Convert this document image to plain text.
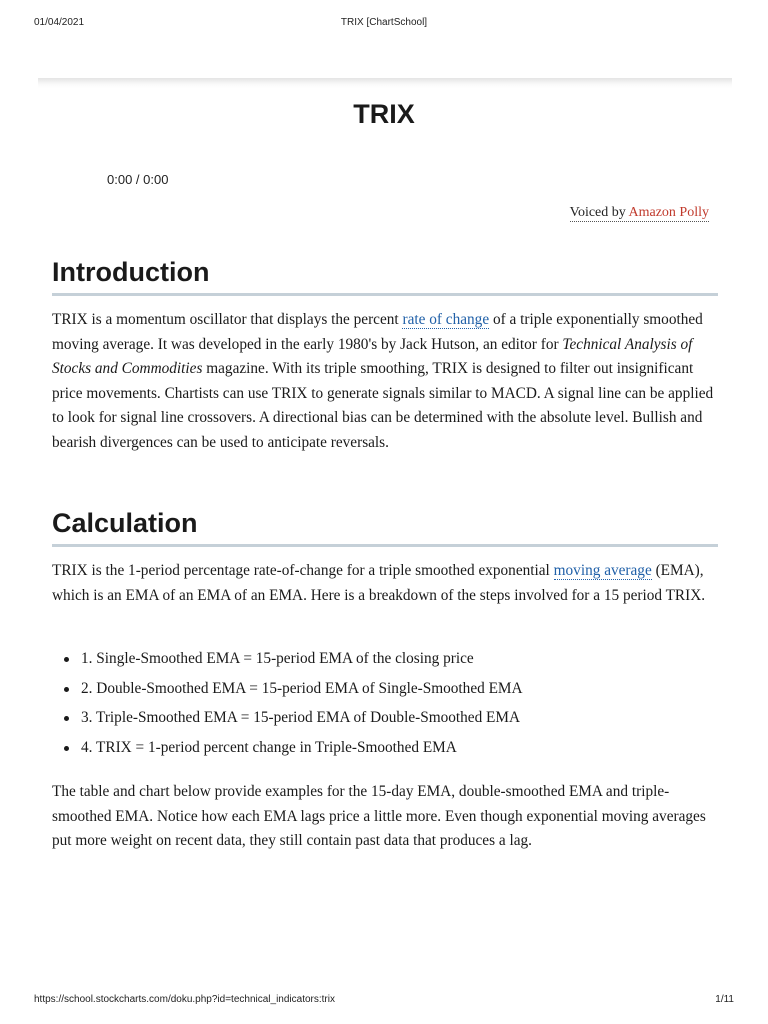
01/04/2021	TRIX [ChartSchool]
TRIX
0:00 / 0:00
Voiced by Amazon Polly
Introduction

TRIX is a momentum oscillator that displays the percent rate of change of a triple exponentially smoothed moving average. It was developed in the early 1980's by Jack Hutson, an editor for Technical Analysis of Stocks and Commodities magazine. With its triple smoothing, TRIX is designed to filter out insignificant price movements. Chartists can use TRIX to generate signals similar to MACD. A signal line can be applied to look for signal line crossovers. A directional bias can be determined with the absolute level. Bullish and bearish divergences can be used to anticipate reversals.

Calculation

TRIX is the 1-period percentage rate-of-change for a triple smoothed exponential moving average (EMA), which is an EMA of an EMA of an EMA. Here is a breakdown of the steps involved for a 15 period TRIX.

1. Single-Smoothed EMA = 15-period EMA of the closing price
2. Double-Smoothed EMA = 15-period EMA of Single-Smoothed EMA
3. Triple-Smoothed EMA = 15-period EMA of Double-Smoothed EMA
4. TRIX = 1-period percent change in Triple-Smoothed EMA

The table and chart below provide examples for the 15-day EMA, double-smoothed EMA and triple-smoothed EMA. Notice how each EMA lags price a little more. Even though exponential moving averages put more weight on recent data, they still contain past data that produces a lag.

https://school.stockcharts.com/doku.php?id=technical_indicators:trix	1/11
